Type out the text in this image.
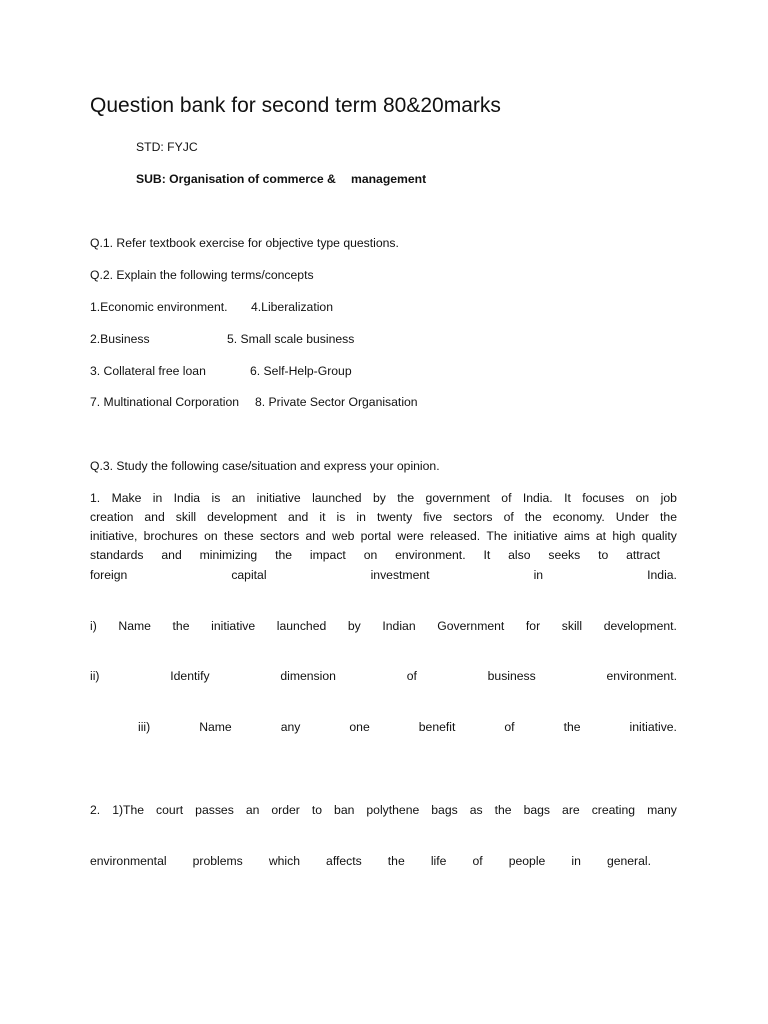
Question bank for second term 80&20marks
STD: FYJC
SUB: Organisation of commerce & management
Q.1. Refer textbook exercise for objective type questions.
Q.2. Explain the following terms/concepts
1.Economic environment. 4.Liberalization
2.Business	5. Small scale business
3. Collateral free loan	6. Self-Help-Group
7. Multinational Corporation 8. Private Sector Organisation
Q.3. Study the following case/situation and express your opinion.
1. Make in India is an initiative launched by the government of India. It focuses on job
creation and skill development and it is in twenty five sectors of the economy. Under the
initiative, brochures on these sectors and web portal were released. The initiative aims at high quality
standards and minimizing the impact on environment. It also seeks to attract
foreign	capital	investment	in	India.
i) Name the initiative launched by Indian Government for skill development.
ii)	Identify	dimension	of	business	environment.
iii)	Name	any	one	benefit	of	the	initiative.
2. 1)The court passes an order to ban polythene bags as the bags are creating many
environmental problems which affects the life of people in general.
